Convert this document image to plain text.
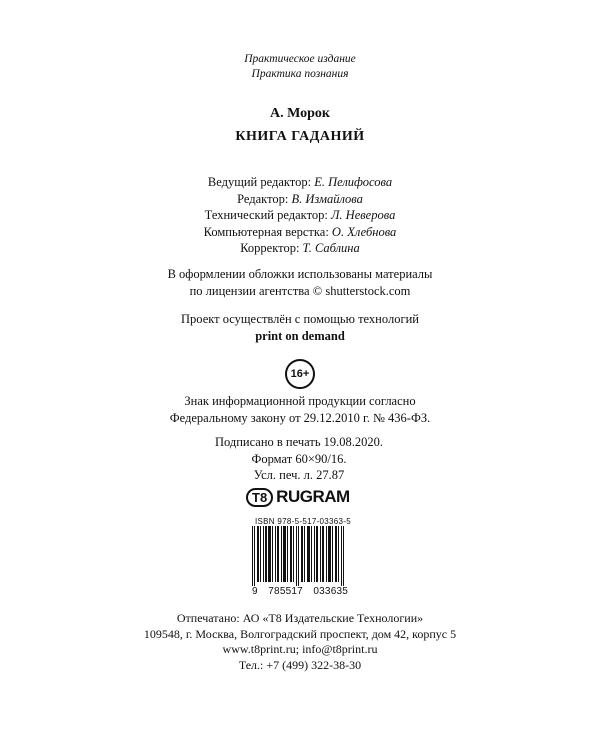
Практическое издание
Практика познания
А. Морок
КНИГА ГАДАНИЙ
Ведущий редактор: Е. Пелифосова
Редактор: В. Измайлова
Технический редактор: Л. Неверова
Компьютерная верстка: О. Хлебнова
Корректор: Т. Саблина
В оформлении обложки использованы материалы
по лицензии агентства © shutterstock.com
Проект осуществлён с помощью технологий
print on demand
16+
Знак информационной продукции согласно
Федеральному закону от 29.12.2010 г. № 436-ФЗ.
Подписано в печать 19.08.2020.
Формат 60×90/16.
Усл. печ. л. 27.87
T8 RUGRAM
ISBN 978-5-517-03363-5
9 785517 033635
Отпечатано: АО «Т8 Издательские Технологии»
109548, г. Москва, Волгоградский проспект, дом 42, корпус 5
www.t8print.ru; info@t8print.ru
Тел.: +7 (499) 322-38-30
